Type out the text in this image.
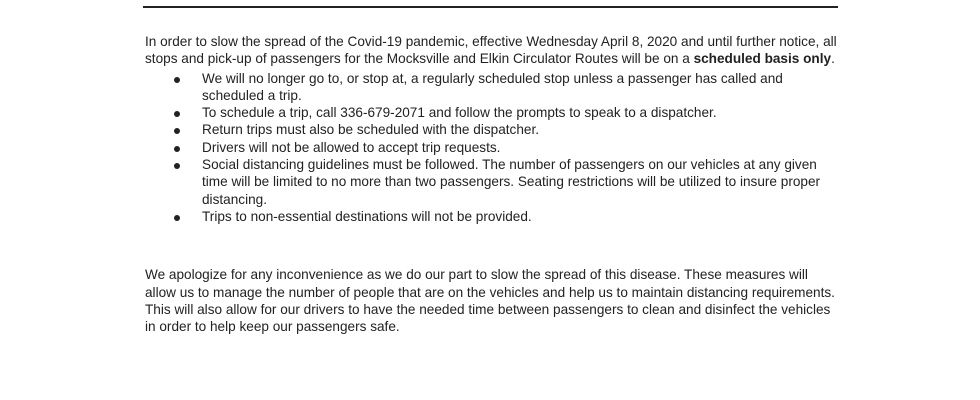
In order to slow the spread of the Covid-19 pandemic, effective Wednesday April 8, 2020 and until further notice, all stops and pick-up of passengers for the Mocksville and Elkin Circulator Routes will be on a scheduled basis only.

We will no longer go to, or stop at, a regularly scheduled stop unless a passenger has called and scheduled a trip.
To schedule a trip, call 336-679-2071 and follow the prompts to speak to a dispatcher.
Return trips must also be scheduled with the dispatcher.
Drivers will not be allowed to accept trip requests.
Social distancing guidelines must be followed. The number of passengers on our vehicles at any given time will be limited to no more than two passengers. Seating restrictions will be utilized to insure proper distancing.
Trips to non-essential destinations will not be provided.

We apologize for any inconvenience as we do our part to slow the spread of this disease. These measures will allow us to manage the number of people that are on the vehicles and help us to maintain distancing requirements. This will also allow for our drivers to have the needed time between passengers to clean and disinfect the vehicles in order to help keep our passengers safe.
